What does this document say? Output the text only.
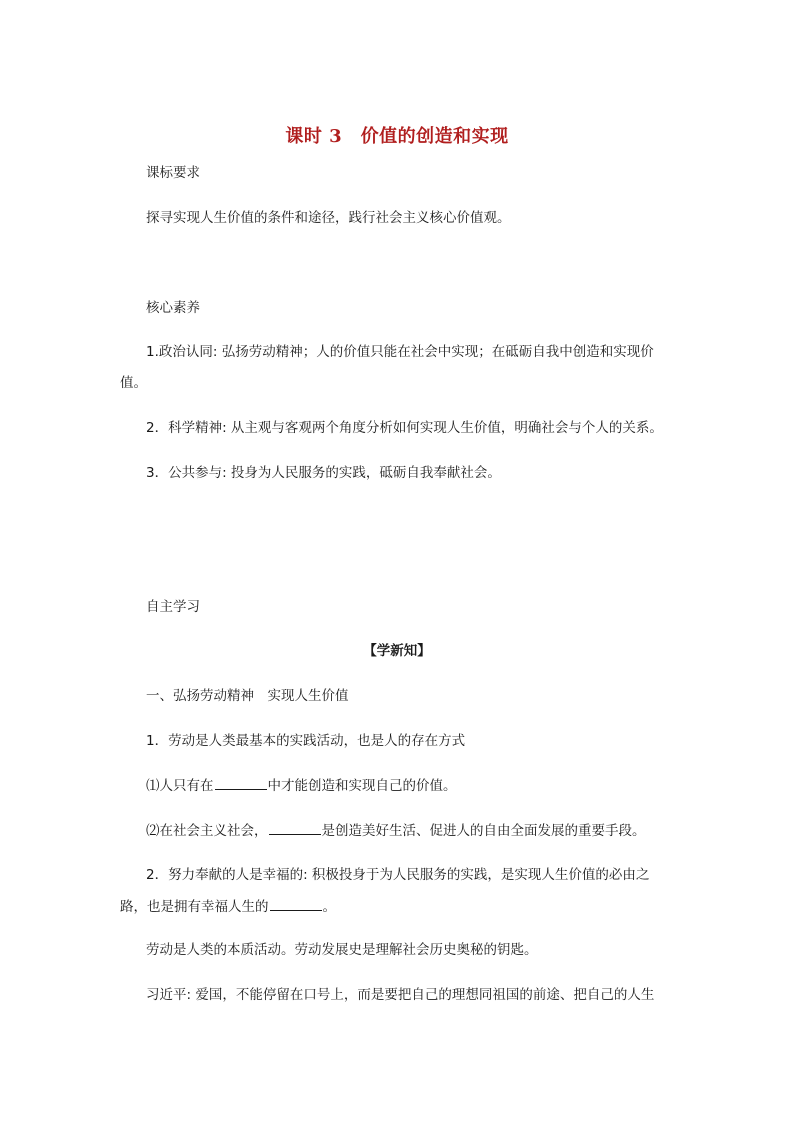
课时 3　价值的创造和实现
课标要求
探寻实现人生价值的条件和途径，践行社会主义核心价值观。
核心素养
1.政治认同: 弘扬劳动精神；人的价值只能在社会中实现；在砥砺自我中创造和实现价
值。
2．科学精神: 从主观与客观两个角度分析如何实现人生价值，明确社会与个人的关系。
3．公共参与: 投身为人民服务的实践，砥砺自我奉献社会。
自主学习
【学新知】
一、弘扬劳动精神　实现人生价值
1．劳动是人类最基本的实践活动，也是人的存在方式
⑴人只有在	中才能创造和实现自己的价值。
⑵在社会主义社会，	是创造美好生活、促进人的自由全面发展的重要手段。
2．努力奉献的人是幸福的: 积极投身于为人民服务的实践，是实现人生价值的必由之
路，也是拥有幸福人生的	。
劳动是人类的本质活动。劳动发展史是理解社会历史奥秘的钥匙。
习近平: 爱国，不能停留在口号上，而是要把自己的理想同祖国的前途、把自己的人生
